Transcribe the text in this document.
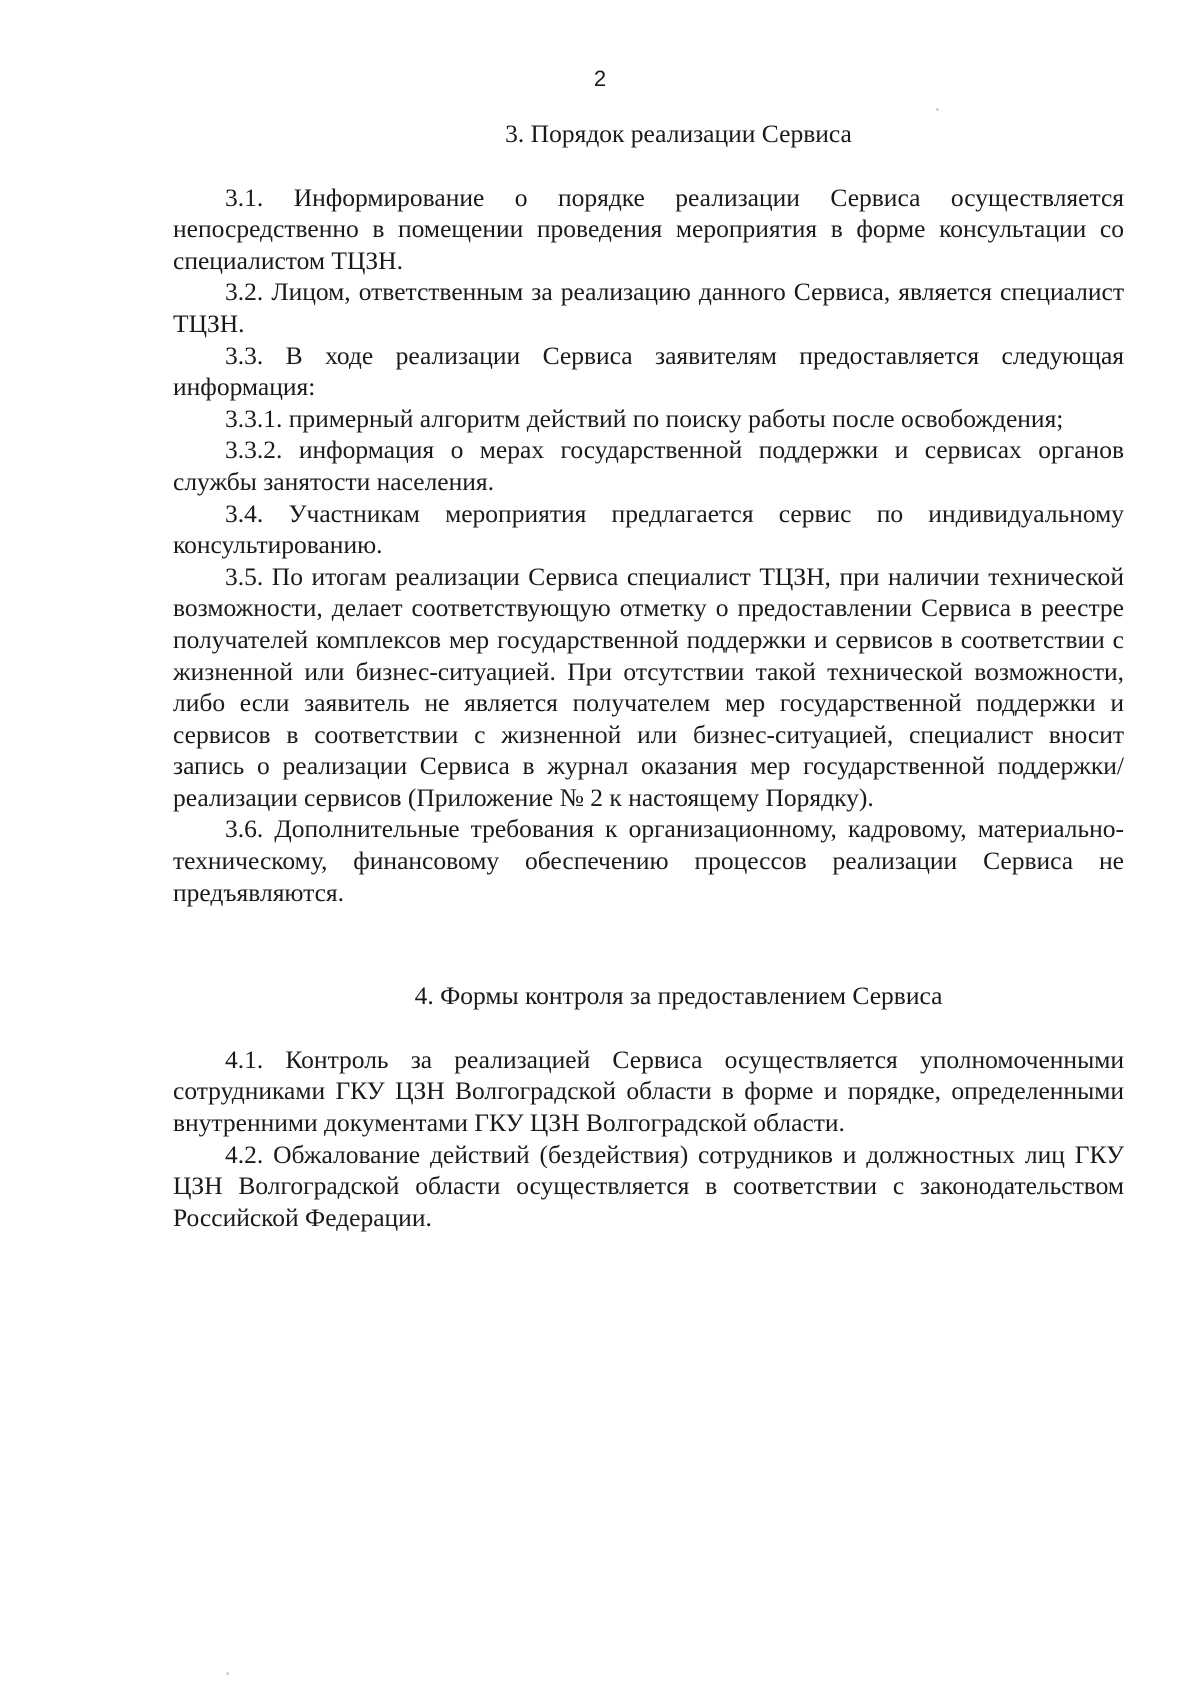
2
3. Порядок реализации Сервиса

3.1. Информирование о порядке реализации Сервиса осуществляется непосредственно в помещении проведения мероприятия в форме консультации со специалистом ТЦЗН.

3.2. Лицом, ответственным за реализацию данного Сервиса, является специалист ТЦЗН.

3.3. В ходе реализации Сервиса заявителям предоставляется следующая информация:

3.3.1. примерный алгоритм действий по поиску работы после освобождения;

3.3.2. информация о мерах государственной поддержки и сервисах органов службы занятости населения.

3.4. Участникам мероприятия предлагается сервис по индивидуальному консультированию.

3.5. По итогам реализации Сервиса специалист ТЦЗН, при наличии технической возможности, делает соответствующую отметку о предоставлении Сервиса в реестре получателей комплексов мер государственной поддержки и сервисов в соответствии с жизненной или бизнес-ситуацией. При отсутствии такой технической возможности, либо если заявитель не является получателем мер государственной поддержки и сервисов в соответствии с жизненной или бизнес-ситуацией, специалист вносит запись о реализации Сервиса в журнал оказания мер государственной поддержки/реализации сервисов (Приложение № 2 к настоящему Порядку).

3.6. Дополнительные требования к организационному, кадровому, материально-техническому, финансовому обеспечению процессов реализации Сервиса не предъявляются.

4. Формы контроля за предоставлением Сервиса

4.1. Контроль за реализацией Сервиса осуществляется уполномоченными сотрудниками ГКУ ЦЗН Волгоградской области в форме и порядке, определенными внутренними документами ГКУ ЦЗН Волгоградской области.

4.2. Обжалование действий (бездействия) сотрудников и должностных лиц ГКУ ЦЗН Волгоградской области осуществляется в соответствии с законодательством Российской Федерации.
